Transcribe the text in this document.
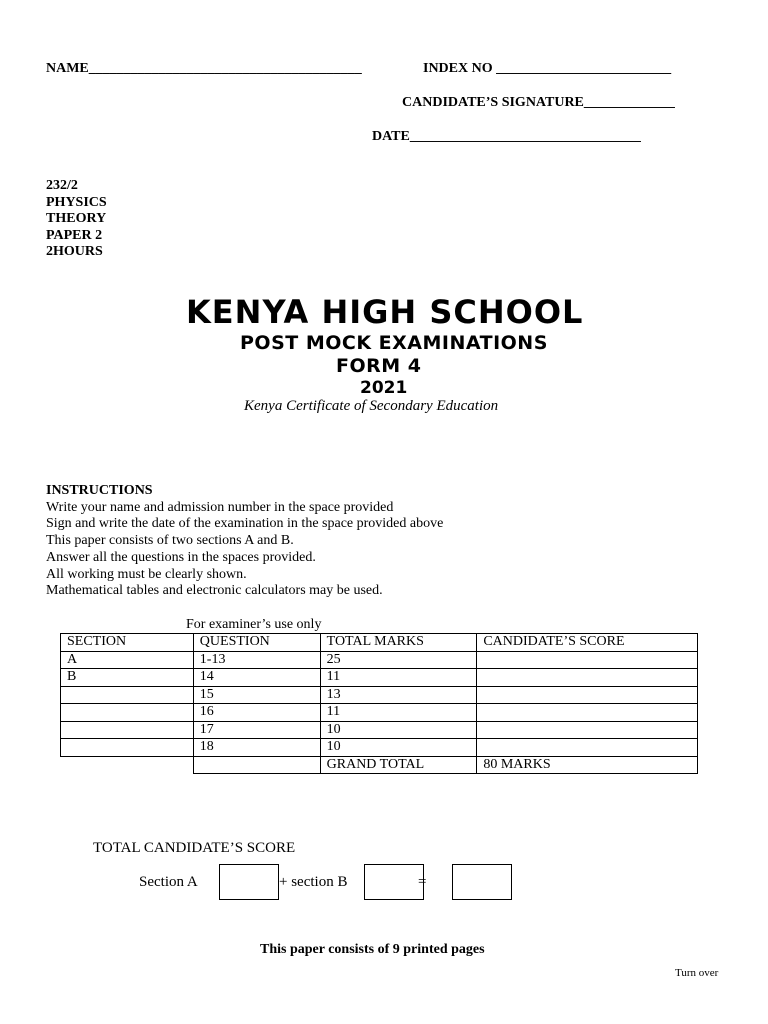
NAME_______________________________________	INDEX NO _________________________
CANDIDATE’S SIGNATURE_____________
DATE_________________________________
232/2
PHYSICS
THEORY
PAPER 2
2HOURS
KENYA HIGH SCHOOL
POST MOCK EXAMINATIONS
FORM 4
2021
Kenya Certificate of Secondary Education
INSTRUCTIONS
Write your name and admission number in the space provided
Sign and write the date of the examination in the space provided above
This paper consists of two sections A and B.
Answer all the questions in the spaces provided.
All working must be clearly shown.
Mathematical tables and electronic calculators may be used.
For examiner’s use only
SECTION	QUESTION	TOTAL MARKS	CANDIDATE’S SCORE
A	1-13	25	
B	14	11	
	15	13	
	16	11	
	17	10	
	18	10	
		GRAND TOTAL	80 MARKS
TOTAL CANDIDATE’S SCORE
Section A	+ section B	=
This paper consists of 9 printed pages
Turn over
